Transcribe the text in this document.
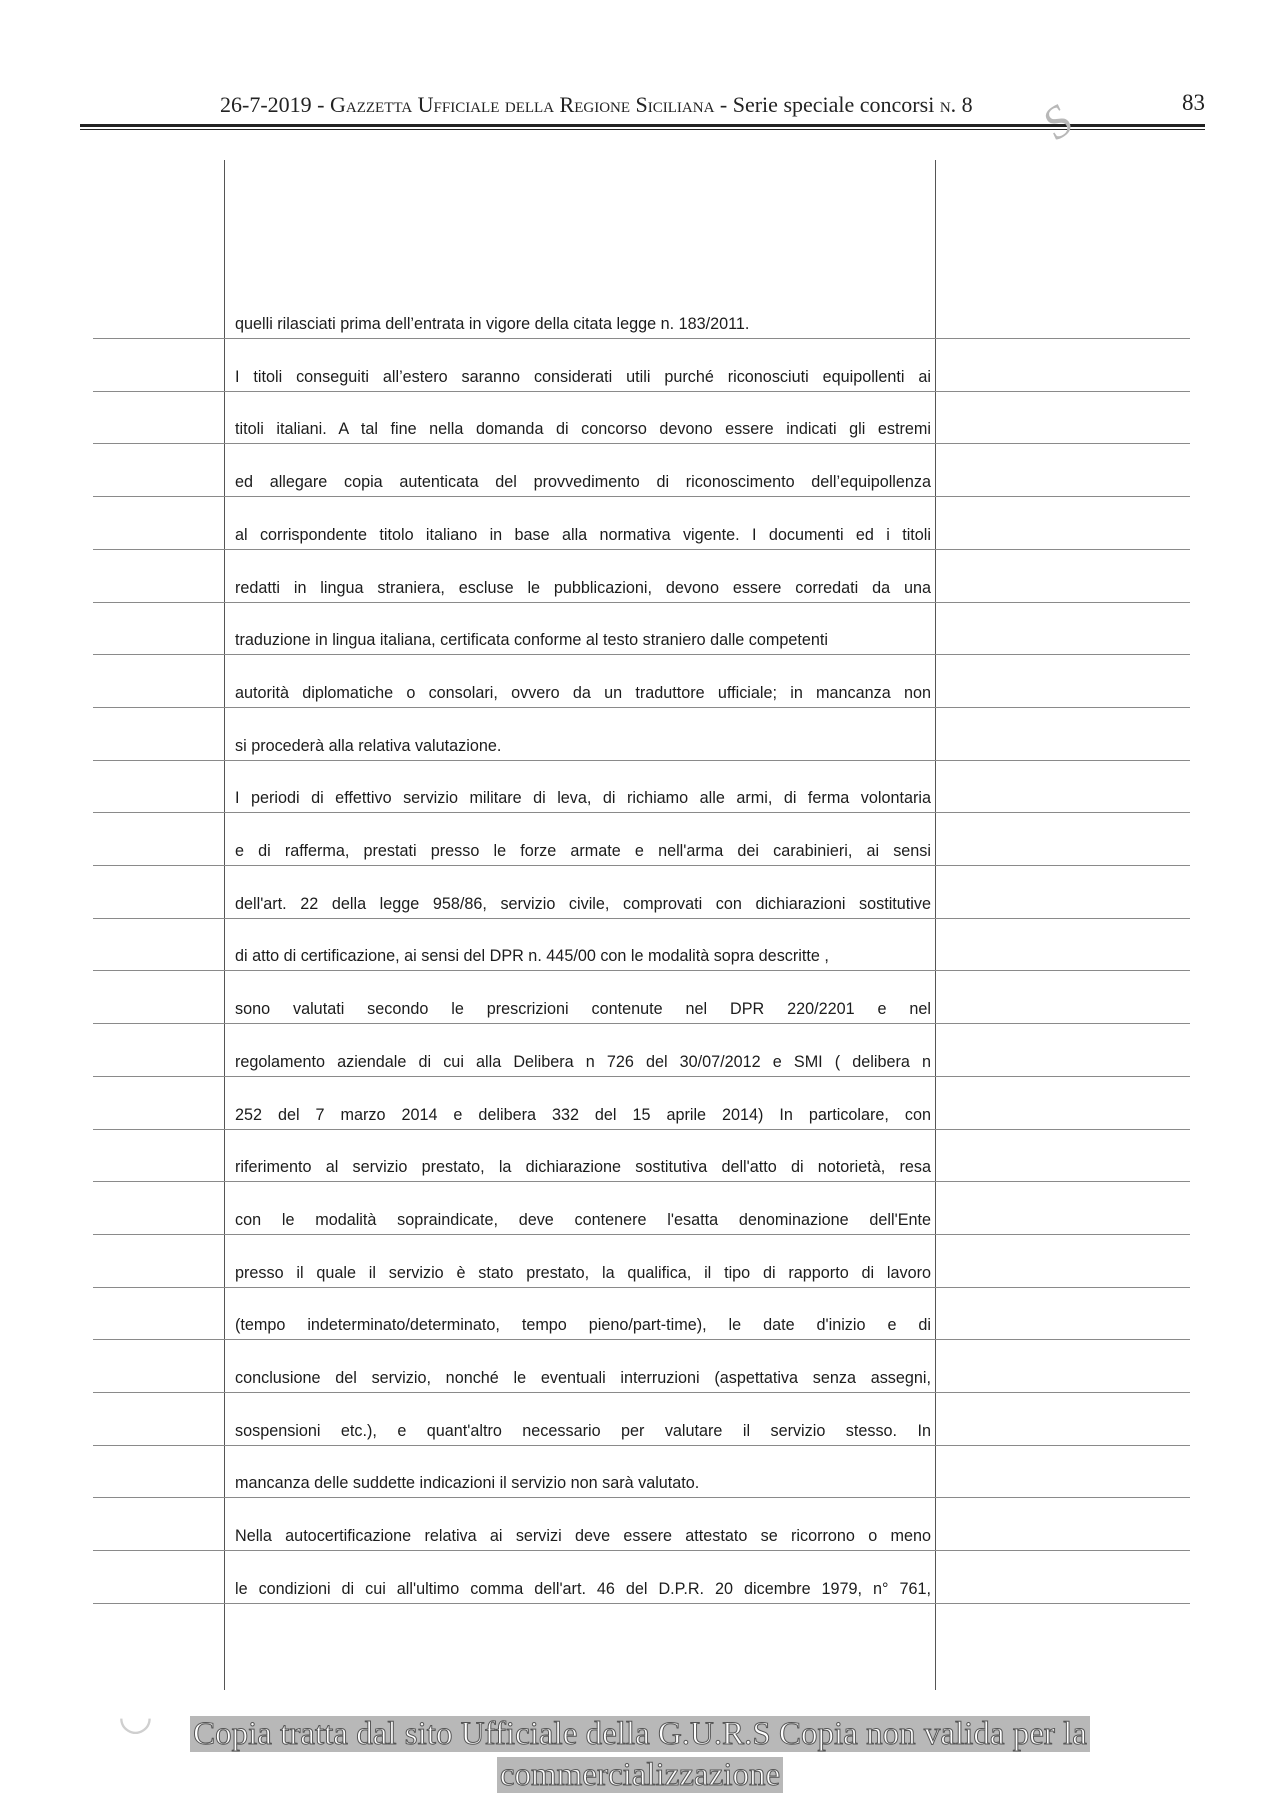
26-7-2019 - Gazzetta Ufficiale della Regione Siciliana - Serie speciale concorsi n. 8	83
S
quelli rilasciati prima dell’entrata in vigore della citata legge n. 183/2011.
I titoli conseguiti all’estero saranno considerati utili purché riconosciuti equipollenti ai
titoli italiani. A tal fine nella domanda di concorso devono essere indicati gli estremi
ed allegare copia autenticata del provvedimento di riconoscimento dell’equipollenza
al corrispondente titolo italiano in base alla normativa vigente. I documenti ed i titoli
redatti in lingua straniera, escluse le pubblicazioni, devono essere corredati da una
traduzione in lingua italiana, certificata conforme al testo straniero dalle competenti
autorità diplomatiche o consolari, ovvero da un traduttore ufficiale; in mancanza non
si procederà alla relativa valutazione.
I periodi di effettivo servizio militare di leva, di richiamo alle armi, di ferma volontaria
e di rafferma, prestati presso le forze armate e nell'arma dei carabinieri, ai sensi
dell'art. 22 della legge 958/86, servizio civile, comprovati con dichiarazioni sostitutive
di atto di certificazione, ai sensi del DPR n. 445/00 con le modalità sopra descritte ,
sono valutati secondo le prescrizioni contenute nel DPR 220/2201 e nel
regolamento aziendale di cui alla Delibera n 726 del 30/07/2012 e SMI ( delibera n
252 del 7 marzo 2014 e delibera 332 del 15 aprile 2014) In particolare, con
riferimento al servizio prestato, la dichiarazione sostitutiva dell'atto di notorietà, resa
con le modalità sopraindicate, deve contenere l'esatta denominazione dell'Ente
presso il quale il servizio è stato prestato, la qualifica, il tipo di rapporto di lavoro
(tempo indeterminato/determinato, tempo pieno/part-time), le date d'inizio e di
conclusione del servizio, nonché le eventuali interruzioni (aspettativa senza assegni,
sospensioni etc.), e quant'altro necessario per valutare il servizio stesso. In
mancanza delle suddette indicazioni il servizio non sarà valutato.
Nella autocertificazione relativa ai servizi deve essere attestato se ricorrono o meno
le condizioni di cui all'ultimo comma dell'art. 46 del D.P.R. 20 dicembre 1979, n° 761,
◡	Copia tratta dal sito Ufficiale della G.U.R.S Copia non valida per la
commercializzazione
